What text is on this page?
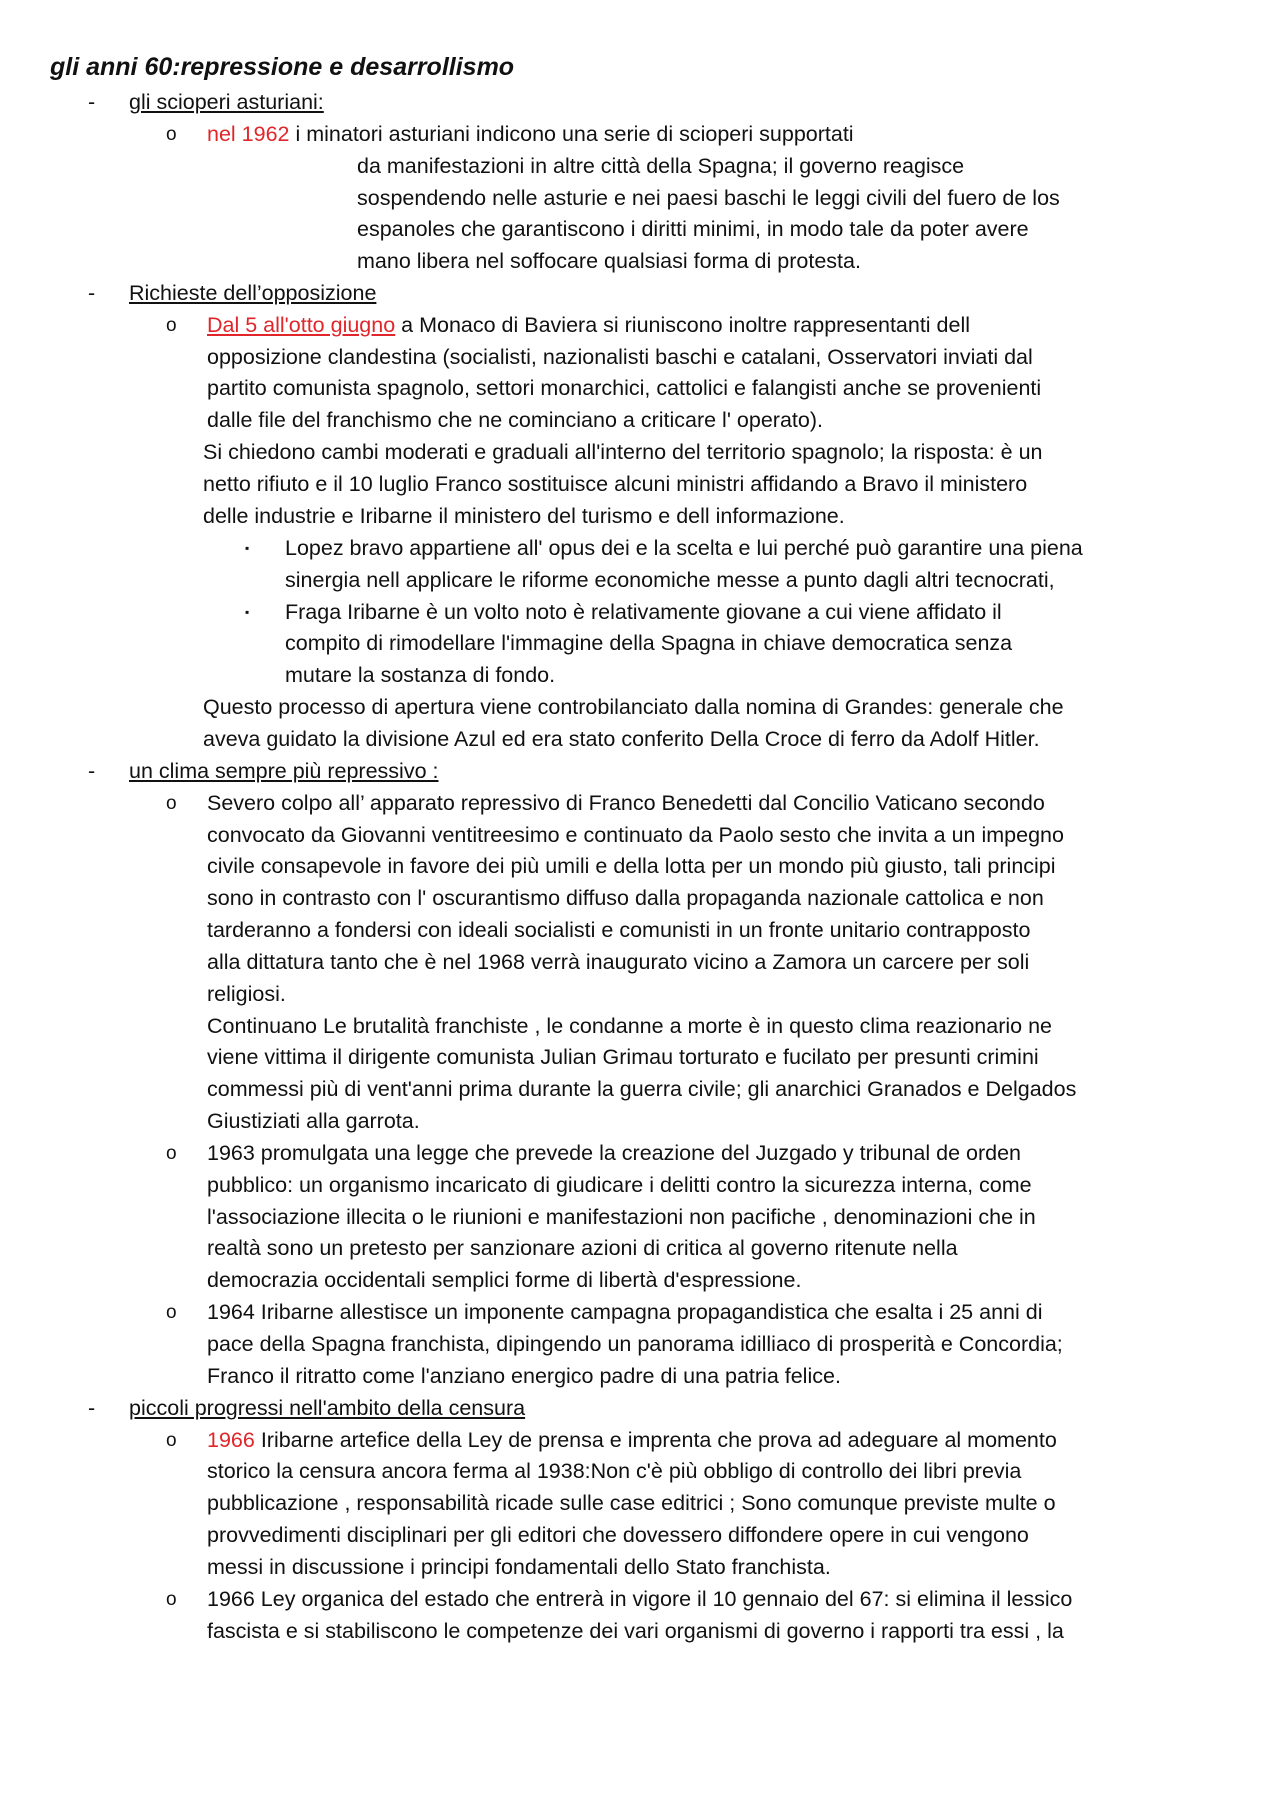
gli anni 60:repressione e desarrollismo
- gli scioperi asturiani:
o nel 1962 i minatori asturiani indicono una serie di scioperi supportati
da manifestazioni in altre città della Spagna; il governo reagisce
sospendendo nelle asturie e nei paesi baschi le leggi civili del fuero de los
espanoles che garantiscono i diritti minimi, in modo tale da poter avere
mano libera nel soffocare qualsiasi forma di protesta.
- Richieste dell’opposizione
o Dal 5 all'otto giugno a Monaco di Baviera si riuniscono inoltre rappresentanti dell
opposizione clandestina (socialisti, nazionalisti baschi e catalani, Osservatori inviati dal
partito comunista spagnolo, settori monarchici, cattolici e falangisti anche se provenienti
dalle file del franchismo che ne cominciano a criticare l' operato).
Si chiedono cambi moderati e graduali all'interno del territorio spagnolo; la risposta: è un
netto rifiuto e il 10 luglio Franco sostituisce alcuni ministri affidando a Bravo il ministero
delle industrie e Iribarne il ministero del turismo e dell informazione.
▪ Lopez bravo appartiene all' opus dei e la scelta e lui perché può garantire una piena
sinergia nell applicare le riforme economiche messe a punto dagli altri tecnocrati,
▪ Fraga Iribarne è un volto noto è relativamente giovane a cui viene affidato il
compito di rimodellare l'immagine della Spagna in chiave democratica senza
mutare la sostanza di fondo.
Questo processo di apertura viene controbilanciato dalla nomina di Grandes: generale che
aveva guidato la divisione Azul ed era stato conferito Della Croce di ferro da Adolf Hitler.
- un clima sempre più repressivo :
o Severo colpo all’ apparato repressivo di Franco Benedetti dal Concilio Vaticano secondo
convocato da Giovanni ventitreesimo e continuato da Paolo sesto che invita a un impegno
civile consapevole in favore dei più umili e della lotta per un mondo più giusto, tali principi
sono in contrasto con l' oscurantismo diffuso dalla propaganda nazionale cattolica e non
tarderanno a fondersi con ideali socialisti e comunisti in un fronte unitario contrapposto
alla dittatura tanto che è nel 1968 verrà inaugurato vicino a Zamora un carcere per soli
religiosi.
Continuano Le brutalità franchiste , le condanne a morte è in questo clima reazionario ne
viene vittima il dirigente comunista Julian Grimau torturato e fucilato per presunti crimini
commessi più di vent'anni prima durante la guerra civile; gli anarchici Granados e Delgados
Giustiziati alla garrota.
o 1963 promulgata una legge che prevede la creazione del Juzgado y tribunal de orden
pubblico: un organismo incaricato di giudicare i delitti contro la sicurezza interna, come
l'associazione illecita o le riunioni e manifestazioni non pacifiche , denominazioni che in
realtà sono un pretesto per sanzionare azioni di critica al governo ritenute nella
democrazia occidentali semplici forme di libertà d'espressione.
o 1964 Iribarne allestisce un imponente campagna propagandistica che esalta i 25 anni di
pace della Spagna franchista, dipingendo un panorama idilliaco di prosperità e Concordia;
Franco il ritratto come l'anziano energico padre di una patria felice.
- piccoli progressi nell'ambito della censura
o 1966 Iribarne artefice della Ley de prensa e imprenta che prova ad adeguare al momento
storico la censura ancora ferma al 1938:Non c'è più obbligo di controllo dei libri previa
pubblicazione , responsabilità ricade sulle case editrici ; Sono comunque previste multe o
provvedimenti disciplinari per gli editori che dovessero diffondere opere in cui vengono
messi in discussione i principi fondamentali dello Stato franchista.
o 1966 Ley organica del estado che entrerà in vigore il 10 gennaio del 67: si elimina il lessico
fascista e si stabiliscono le competenze dei vari organismi di governo i rapporti tra essi , la
